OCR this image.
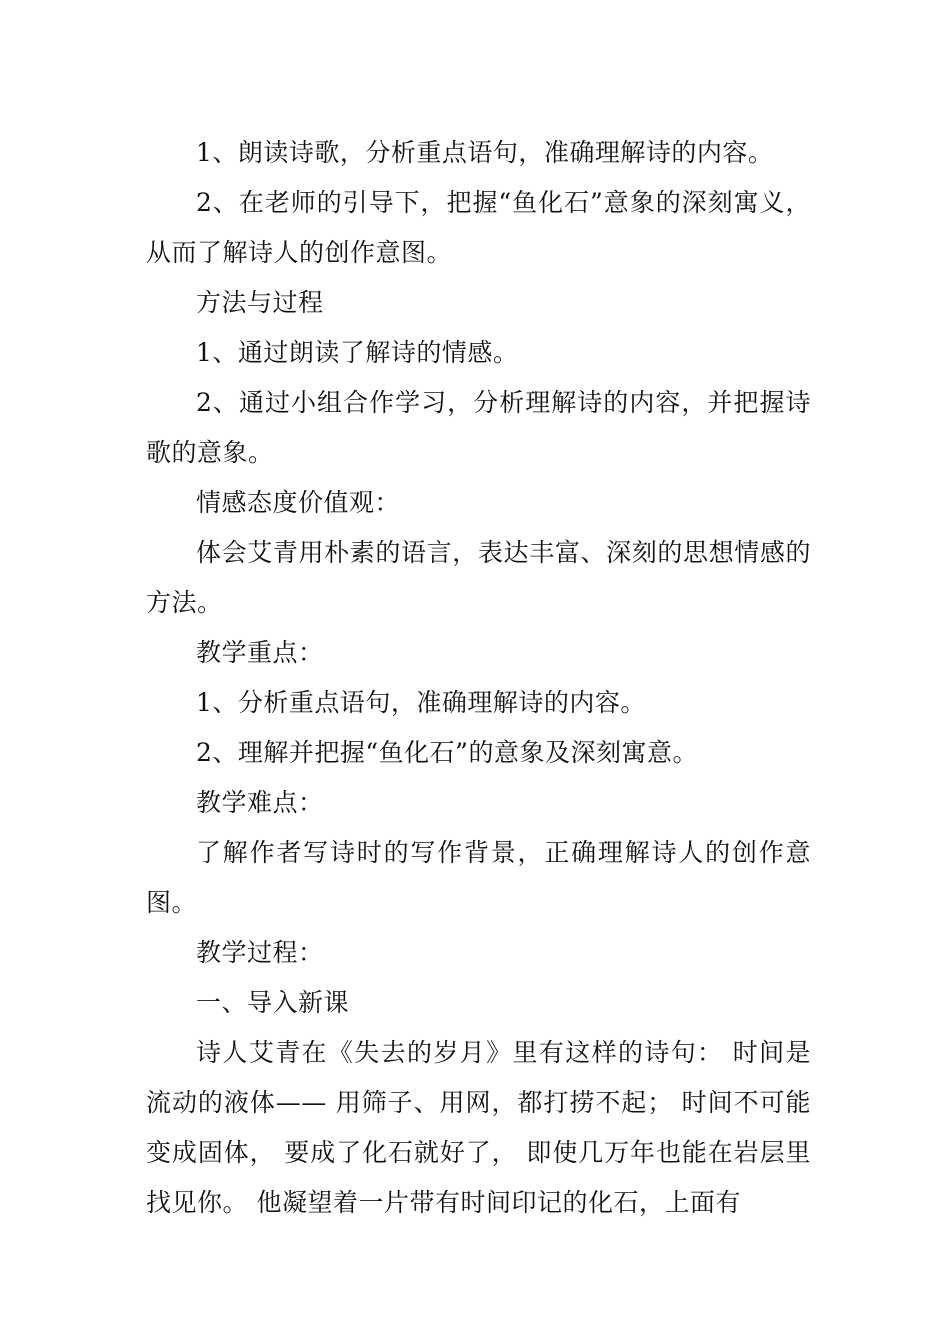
1、朗读诗歌，分析重点语句，准确理解诗的内容。

2、在老师的引导下，把握“鱼化石”意象的深刻寓义，从而了解诗人的创作意图。

方法与过程

1、通过朗读了解诗的情感。

2、通过小组合作学习，分析理解诗的内容，并把握诗歌的意象。

情感态度价值观：

体会艾青用朴素的语言，表达丰富、深刻的思想情感的方法。

教学重点：

1、分析重点语句，准确理解诗的内容。

2、理解并把握“鱼化石”的意象及深刻寓意。

教学难点：

了解作者写诗时的写作背景，正确理解诗人的创作意图。

教学过程：

一、导入新课

诗人艾青在《失去的岁月》里有这样的诗句： 时间是流动的液体—— 用筛子、用网，都打捞不起； 时间不可能变成固体， 要成了化石就好了， 即使几万年也能在岩层里找见你。 他凝望着一片带有时间印记的化石，上面有
